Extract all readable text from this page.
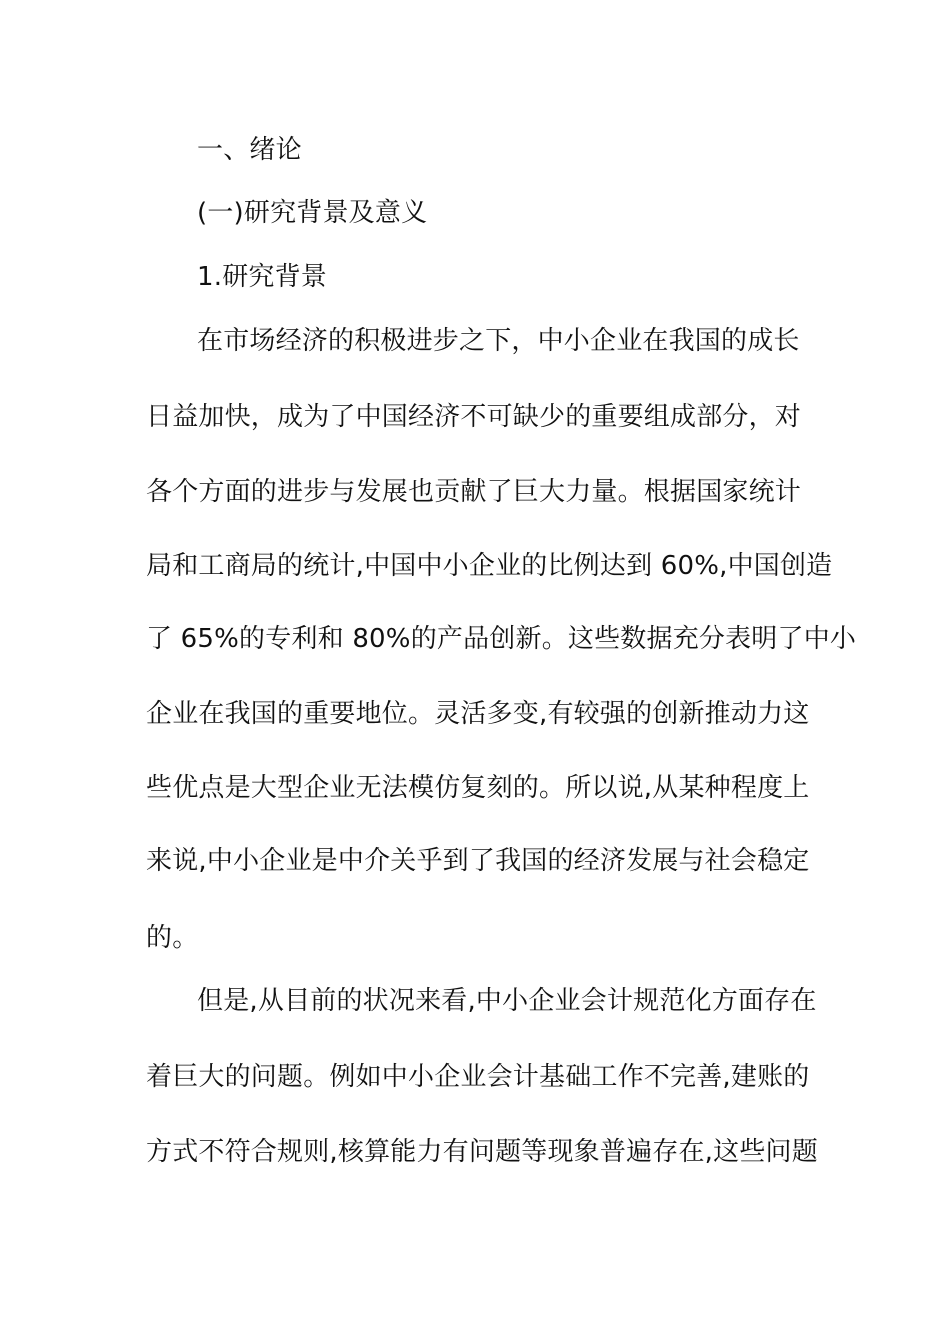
一、绪论
(一)研究背景及意义
1.研究背景
在市场经济的积极进步之下，中小企业在我国的成长
日益加快，成为了中国经济不可缺少的重要组成部分，对
各个方面的进步与发展也贡献了巨大力量。根据国家统计
局和工商局的统计,中国中小企业的比例达到 60%,中国创造
了 65%的专利和 80%的产品创新。这些数据充分表明了中小
企业在我国的重要地位。灵活多变,有较强的创新推动力这
些优点是大型企业无法模仿复刻的。所以说,从某种程度上
来说,中小企业是中介关乎到了我国的经济发展与社会稳定
的。
但是,从目前的状况来看,中小企业会计规范化方面存在
着巨大的问题。例如中小企业会计基础工作不完善,建账的
方式不符合规则,核算能力有问题等现象普遍存在,这些问题
